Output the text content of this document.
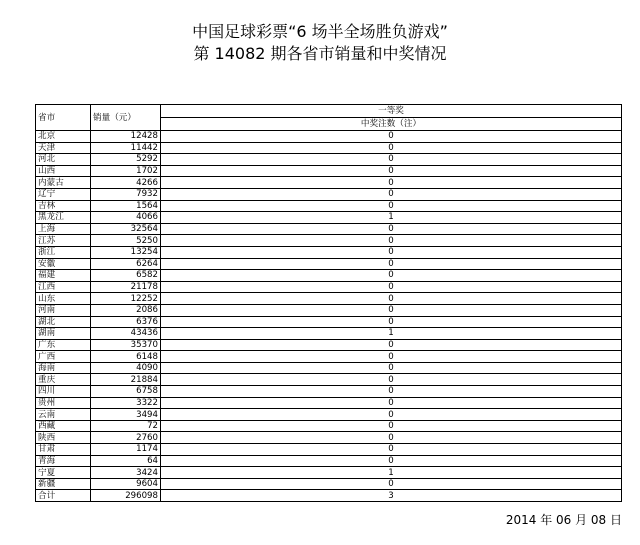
中国足球彩票“6 场半全场胜负游戏”
第 14082 期各省市销量和中奖情况
省市	销量（元）	一等奖
		中奖注数（注）
北京	12428	0
天津	11442	0
河北	5292	0
山西	1702	0
内蒙古	4266	0
辽宁	7932	0
吉林	1564	0
黑龙江	4066	1
上海	32564	0
江苏	5250	0
浙江	13254	0
安徽	6264	0
福建	6582	0
江西	21178	0
山东	12252	0
河南	2086	0
湖北	6376	0
湖南	43436	1
广东	35370	0
广西	6148	0
海南	4090	0
重庆	21884	0
四川	6758	0
贵州	3322	0
云南	3494	0
西藏	72	0
陕西	2760	0
甘肃	1174	0
青海	64	0
宁夏	3424	1
新疆	9604	0
合计	296098	3
2014 年 06 月 08 日
